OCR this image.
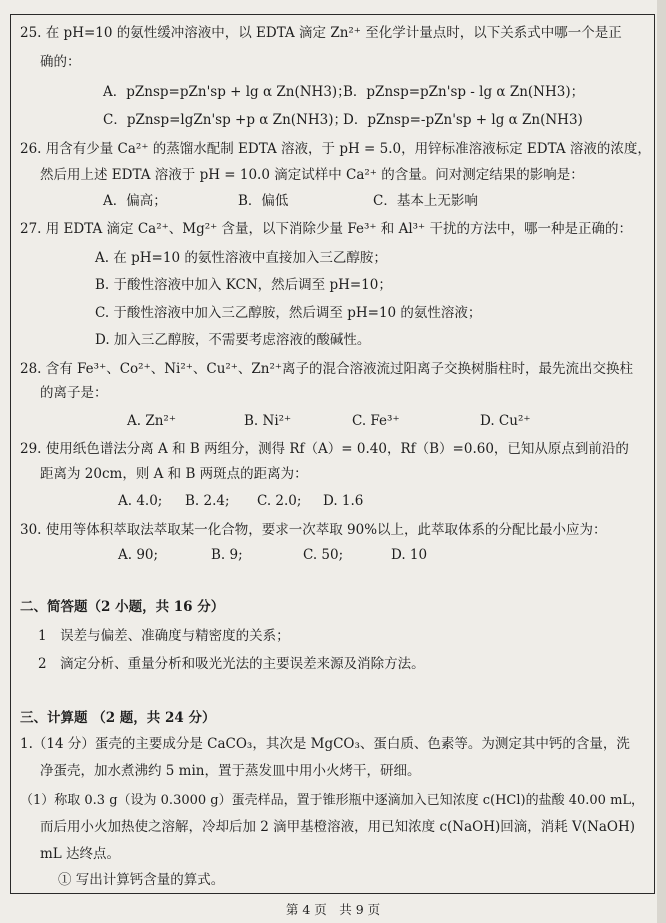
25. 在 pH=10 的氨性缓冲溶液中，以 EDTA 滴定 Zn²⁺ 至化学计量点时，以下关系式中哪一个是正
确的：
A．pZnsp=pZn'sp + lg α Zn(NH3)；
B．pZnsp=pZn'sp - lg α Zn(NH3)；
C．pZnsp=lgZn'sp +p α Zn(NH3)；
D．pZnsp=-pZn'sp + lg α Zn(NH3)
26. 用含有少量 Ca²⁺ 的蒸馏水配制 EDTA 溶液，于 pH = 5.0，用锌标准溶液标定 EDTA 溶液的浓度，
然后用上述 EDTA 溶液于 pH = 10.0 滴定试样中 Ca²⁺ 的含量。问对测定结果的影响是：
A．偏高；	B．偏低	C．基本上无影响
27. 用 EDTA 滴定 Ca²⁺、Mg²⁺ 含量，以下消除少量 Fe³⁺ 和 Al³⁺ 干扰的方法中，哪一种是正确的：
A. 在 pH=10 的氨性溶液中直接加入三乙醇胺；
B. 于酸性溶液中加入 KCN，然后调至 pH=10；
C. 于酸性溶液中加入三乙醇胺，然后调至 pH=10 的氨性溶液；
D. 加入三乙醇胺，不需要考虑溶液的酸碱性。
28. 含有 Fe³⁺、Co²⁺、Ni²⁺、Cu²⁺、Zn²⁺离子的混合溶液流过阳离子交换树脂柱时，最先流出交换柱
的离子是：
A. Zn²⁺	B. Ni²⁺	C. Fe³⁺	D. Cu²⁺
29. 使用纸色谱法分离 A 和 B 两组分，测得 Rf（A）= 0.40，Rf（B）=0.60，已知从原点到前沿的
距离为 20cm，则 A 和 B 两斑点的距离为：
A. 4.0; B. 2.4; C. 2.0; D. 1.6
30. 使用等体积萃取法萃取某一化合物，要求一次萃取 90%以上，此萃取体系的分配比最小应为：
A. 90;	B. 9;	C. 50;	D. 10
二、简答题（2 小题，共 16 分）
1　误差与偏差、准确度与精密度的关系；
2　滴定分析、重量分析和吸光光法的主要误差来源及消除方法。
三、计算题 （2 题，共 24 分）
1.（14 分）蛋壳的主要成分是 CaCO₃，其次是 MgCO₃、蛋白质、色素等。为测定其中钙的含量，洗
净蛋壳，加水煮沸约 5 min，置于蒸发皿中用小火烤干，研细。
（1）称取 0.3 g（设为 0.3000 g）蛋壳样品，置于锥形瓶中逐滴加入已知浓度 c(HCl)的盐酸 40.00 mL，
而后用小火加热使之溶解，冷却后加 2 滴甲基橙溶液，用已知浓度 c(NaOH)回滴，消耗 V(NaOH)
mL 达终点。
① 写出计算钙含量的算式。
第 4 页　共 9 页
